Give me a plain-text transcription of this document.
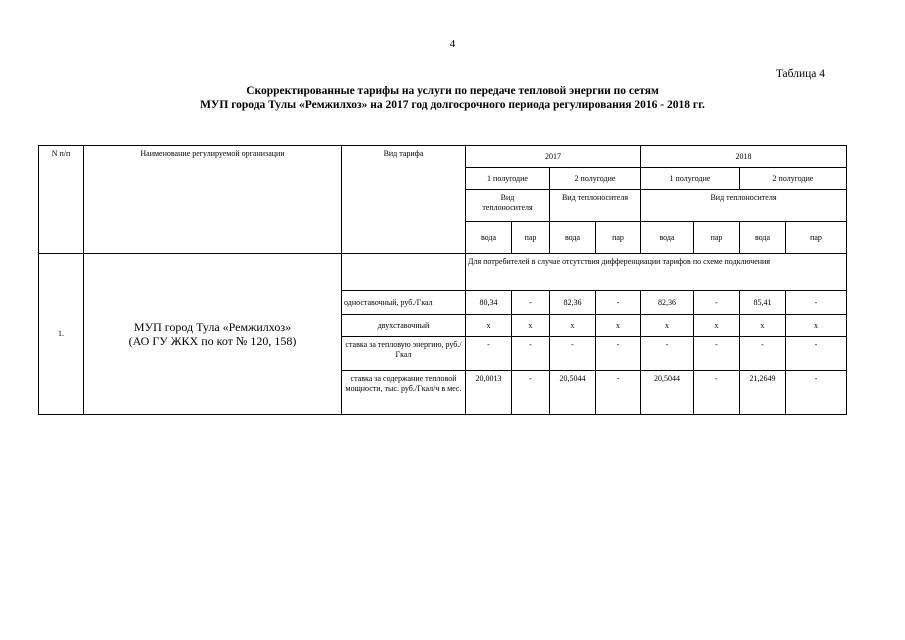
4
Таблица 4
Скорректированные тарифы на услуги по передаче тепловой энергии по сетям
МУП города Тулы «Ремжилхоз» на 2017 год долгосрочного периода регулирования 2016 - 2018 гг.
N п/п	Наименование регулируемой организации	Вид тарифа	2017				2018			
			1 полугодие		2 полугодие		1 полугодие		2 полугодие	
			Вид теплоносителя		Вид теплоносителя		Вид теплоносителя			
			вода	пар	вода	пар	вода	пар	вода	пар
1.	МУП город Тула «Ремжилхоз»
(АО ГУ ЖКХ по кот № 120, 158)		Для потребителей в случае отсутствия дифференциации тарифов по схеме подключения							
		одноставочный, руб./Гкал	80,34	-	82,36	-	82,36	-	85,41	-
		двухставочный	х	х	х	х	х	х	х	х
		ставка за тепловую энергию, руб./Гкал	-	-	-	-	-	-	-	-
		ставка за содержание тепловой мощности, тыс. руб./Гкал/ч в мес.	20,0013	-	20,5044	-	20,5044	-	21,2649	-
